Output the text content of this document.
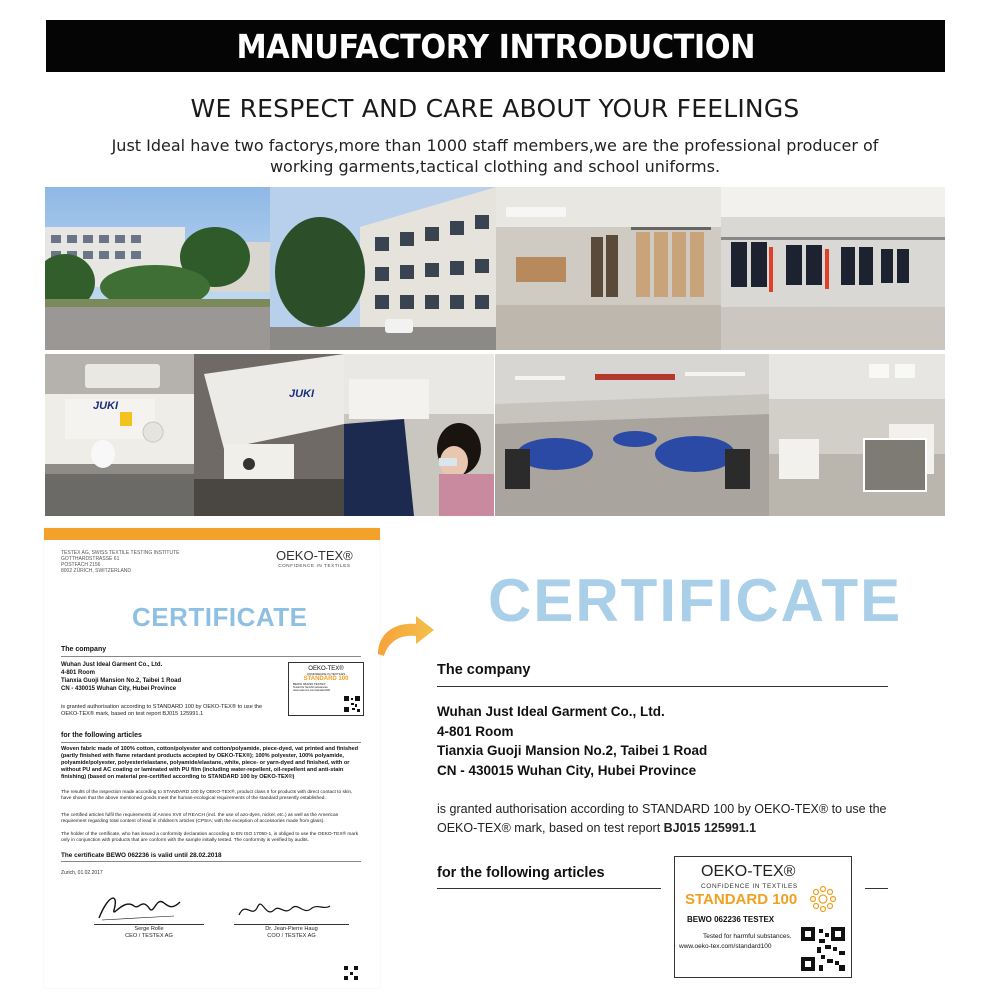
MANUFACTORY INTRODUCTION
WE RESPECT AND CARE ABOUT YOUR FEELINGS
Just Ideal have two factorys,more than 1000 staff members,we are the professional producer of working garments,tactical clothing and school uniforms.
JUKI
JUKI
TESTEX AG, SWISS TEXTILE TESTING INSTITUTE
GOTTHARDSTRASSE 61
POSTFACH 2156
8002 ZÜRICH, SWITZERLAND
OEKO-TEX®
CONFIDENCE IN TEXTILES
CERTIFICATE
The company
Wuhan Just Ideal Garment Co., Ltd.
4-801 Room
Tianxia Guoji Mansion No.2, Taibei 1 Road
CN - 430015 Wuhan City, Hubei Province
OEKO-TEX®
CONFIDENCE IN TEXTILES
STANDARD 100
BEWO 062236 TESTEX
Tested for harmful substances.
www.oeko-tex.com/standard100
is granted authorisation according to STANDARD 100 by OEKO-TEX® to use the OEKO-TEX® mark, based on test report BJ015 125991.1
for the following articles
Woven fabric made of 100% cotton, cotton/polyester and cotton/polyamide, piece-dyed, vat printed and finished (partly finished with flame retardant products accepted by OEKO-TEX®); 100% polyester, 100% polyamide, polyamide/polyester, polyester/elastane, polyamide/elastane, white, piece- or yarn-dyed and finished, with or without PU and AC coating or laminated with PU film (including water-repellent, oil-repellent and anti-stain finishing) (based on material pre-certified according to STANDARD 100 by OEKO-TEX®)
The results of the inspection made according to STANDARD 100 by OEKO-TEX®, product class II for products with direct contact to skin, have shown that the above mentioned goods meet the human-ecological requirements of the standard presently established.
The certified articles fulfil the requirements of Annex XVII of REACH (incl. the use of azo-dyes, nickel, etc.) as well as the American requirement regarding total content of lead in children's articles (CPSIA; with the exception of accessories made from glass).
The holder of the certificate, who has issued a conformity declaration according to EN ISO 17050-1, is obliged to use the OEKO-TEX® mark only in conjunction with products that are conform with the sample initially tested. The conformity is verified by audits.
The certificate BEWO 062236 is valid until 28.02.2018
Zurich, 01.02.2017
Serge Rolle
CEO / TESTEX AG
Dr. Jean-Pierre Haug
COO / TESTEX AG
CERTIFICATE
The company
Wuhan Just Ideal Garment Co., Ltd.
4-801 Room
Tianxia Guoji Mansion No.2, Taibei 1 Road
CN - 430015 Wuhan City, Hubei Province
is granted authorisation according to STANDARD 100 by OEKO-TEX® to use the
OEKO-TEX® mark, based on test report BJ015 125991.1
for the following articles	OEKO-TEX®
CONFIDENCE IN TEXTILES
STANDARD 100
BEWO 062236 TESTEX
Tested for harmful substances.
www.oeko-tex.com/standard100
